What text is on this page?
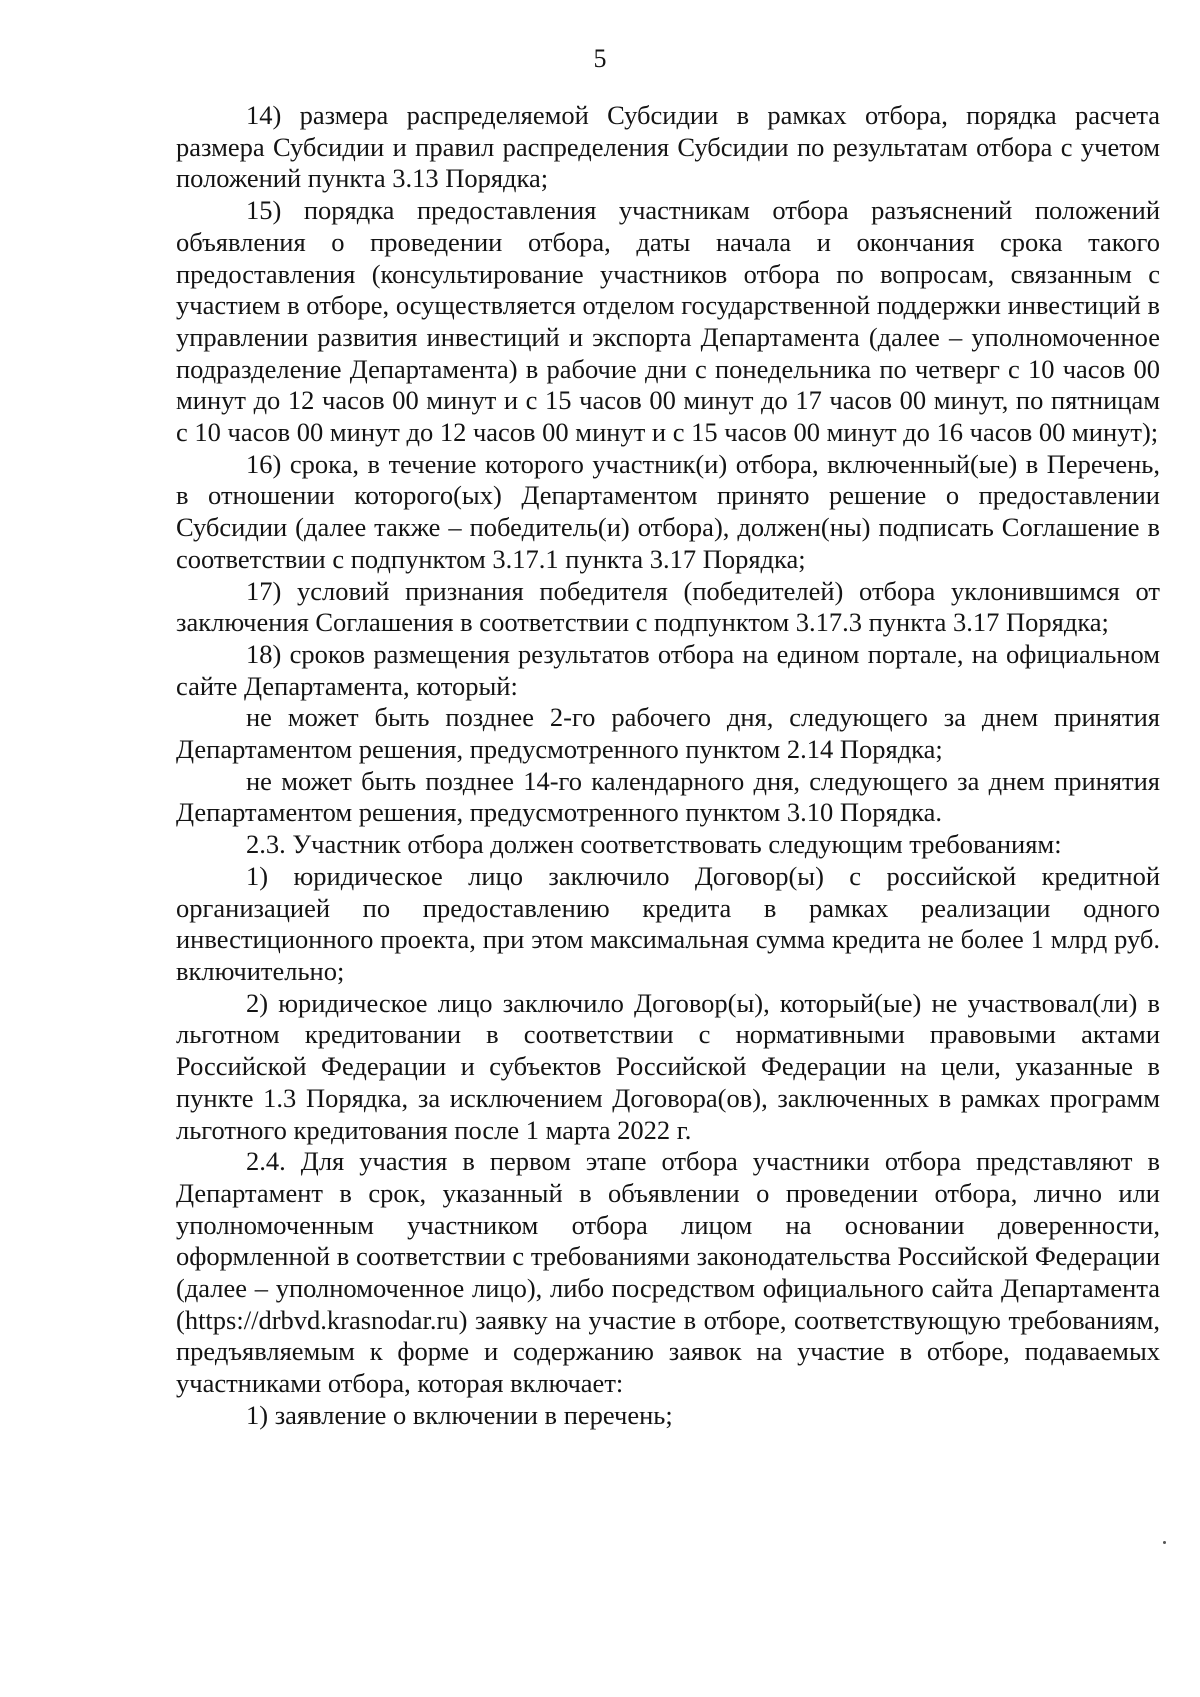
5

14) размера распределяемой Субсидии в рамках отбора, порядка расчета размера Субсидии и правил распределения Субсидии по результатам отбора с учетом положений пункта 3.13 Порядка;

15) порядка предоставления участникам отбора разъяснений положений объявления о проведении отбора, даты начала и окончания срока такого предоставления (консультирование участников отбора по вопросам, связанным с участием в отборе, осуществляется отделом государственной поддержки инвестиций в управлении развития инвестиций и экспорта Департамента (далее – уполномоченное подразделение Департамента) в рабочие дни с понедельника по четверг с 10 часов 00 минут до 12 часов 00 минут и с 15 часов 00 минут до 17 часов 00 минут, по пятницам с 10 часов 00 минут до 12 часов 00 минут и с 15 часов 00 минут до 16 часов 00 минут);

16) срока, в течение которого участник(и) отбора, включенный(ые) в Перечень, в отношении которого(ых) Департаментом принято решение о предоставлении Субсидии (далее также – победитель(и) отбора), должен(ны) подписать Соглашение в соответствии с подпунктом 3.17.1 пункта 3.17 Порядка;

17) условий признания победителя (победителей) отбора уклонившимся от заключения Соглашения в соответствии с подпунктом 3.17.3 пункта 3.17 Порядка;

18) сроков размещения результатов отбора на едином портале, на официальном сайте Департамента, который:

не может быть позднее 2-го рабочего дня, следующего за днем принятия Департаментом решения, предусмотренного пунктом 2.14 Порядка;

не может быть позднее 14-го календарного дня, следующего за днем принятия Департаментом решения, предусмотренного пунктом 3.10 Порядка.

2.3. Участник отбора должен соответствовать следующим требованиям:

1) юридическое лицо заключило Договор(ы) с российской кредитной организацией по предоставлению кредита в рамках реализации одного инвестиционного проекта, при этом максимальная сумма кредита не более 1 млрд руб. включительно;

2) юридическое лицо заключило Договор(ы), который(ые) не участвовал(ли) в льготном кредитовании в соответствии с нормативными правовыми актами Российской Федерации и субъектов Российской Федерации на цели, указанные в пункте 1.3 Порядка, за исключением Договора(ов), заключенных в рамках программ льготного кредитования после 1 марта 2022 г.

2.4. Для участия в первом этапе отбора участники отбора представляют в Департамент в срок, указанный в объявлении о проведении отбора, лично или уполномоченным участником отбора лицом на основании доверенности, оформленной в соответствии с требованиями законодательства Российской Федерации (далее – уполномоченное лицо), либо посредством официального сайта Департамента (https://drbvd.krasnodar.ru) заявку на участие в отборе, соответствующую требованиям, предъявляемым к форме и содержанию заявок на участие в отборе, подаваемых участниками отбора, которая включает:

1) заявление о включении в перечень;
